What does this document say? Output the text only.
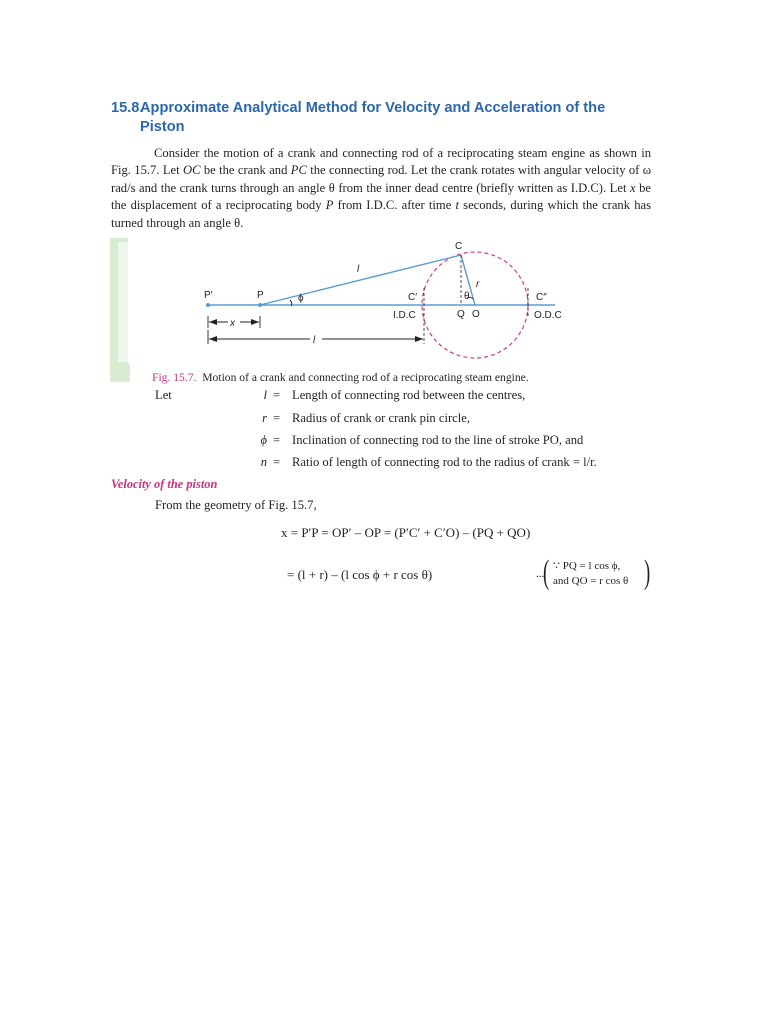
15.8.Approximate Analytical Method for Velocity and Acceleration of the
Piston
Consider the motion of a crank and connecting rod of a reciprocating steam engine as shown in Fig. 15.7. Let OC be the crank and PC the connecting rod. Let the crank rotates with angular velocity of ω rad/s and the crank turns through an angle θ from the inner dead centre (briefly written as I.D.C). Let x be the displacement of a reciprocating body P from I.D.C. after time t seconds, during which the crank has turned through an angle θ.
C
l
r
P′	P	ϕ	C′	θ	C″
I.D.C	Q O	O.D.C
x
l
Fig. 15.7. Motion of a crank and connecting rod of a reciprocating steam engine.
Let	l = Length of connecting rod between the centres,
r = Radius of crank or crank pin circle,
ϕ = Inclination of connecting rod to the line of stroke PO, and
n = Ratio of length of connecting rod to the radius of crank = l/r.
Velocity of the piston
From the geometry of Fig. 15.7,
x = P′P = OP′ – OP = (P′C′ + C′O) – (PQ + QO)
= (l + r) – (l cos ϕ + r cos θ)	...
( ∵ PQ = l cos ϕ,
and QO = r cos θ )
